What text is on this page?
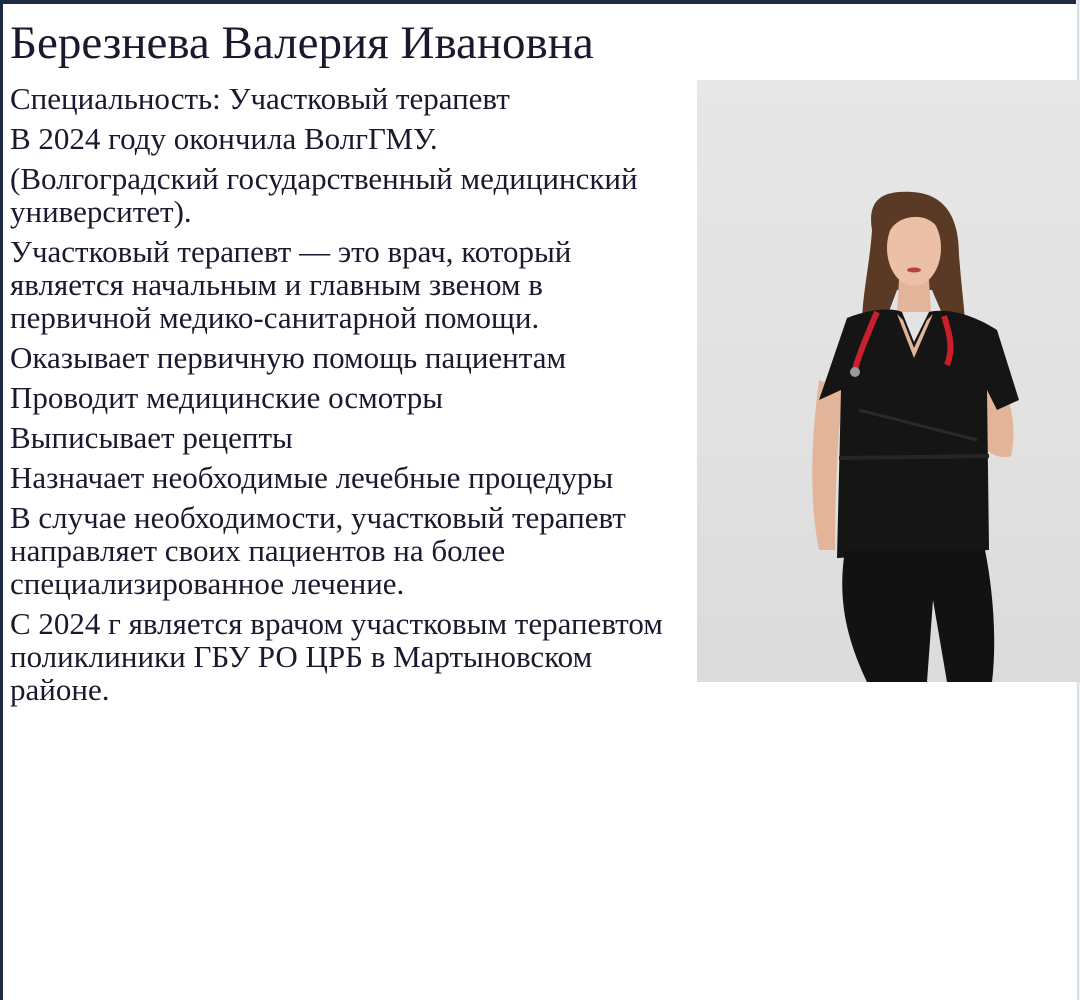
Березнева Валерия Ивановна

Специальность: Участковый терапевт

В 2024 году окончила ВолгГМУ.

(Волгоградский государственный медицинский университет).

Участковый терапевт — это врач, который является начальным и главным звеном в первичной медико-санитарной помощи.

Оказывает первичную помощь пациентам

Проводит медицинские осмотры

Выписывает рецепты

Назначает необходимые лечебные процедуры

В случае необходимости, участковый терапевт направляет своих пациентов на более специализированное лечение.

С 2024 г является врачом участковым терапевтом поликлиники ГБУ РО ЦРБ в Мартыновском районе.
